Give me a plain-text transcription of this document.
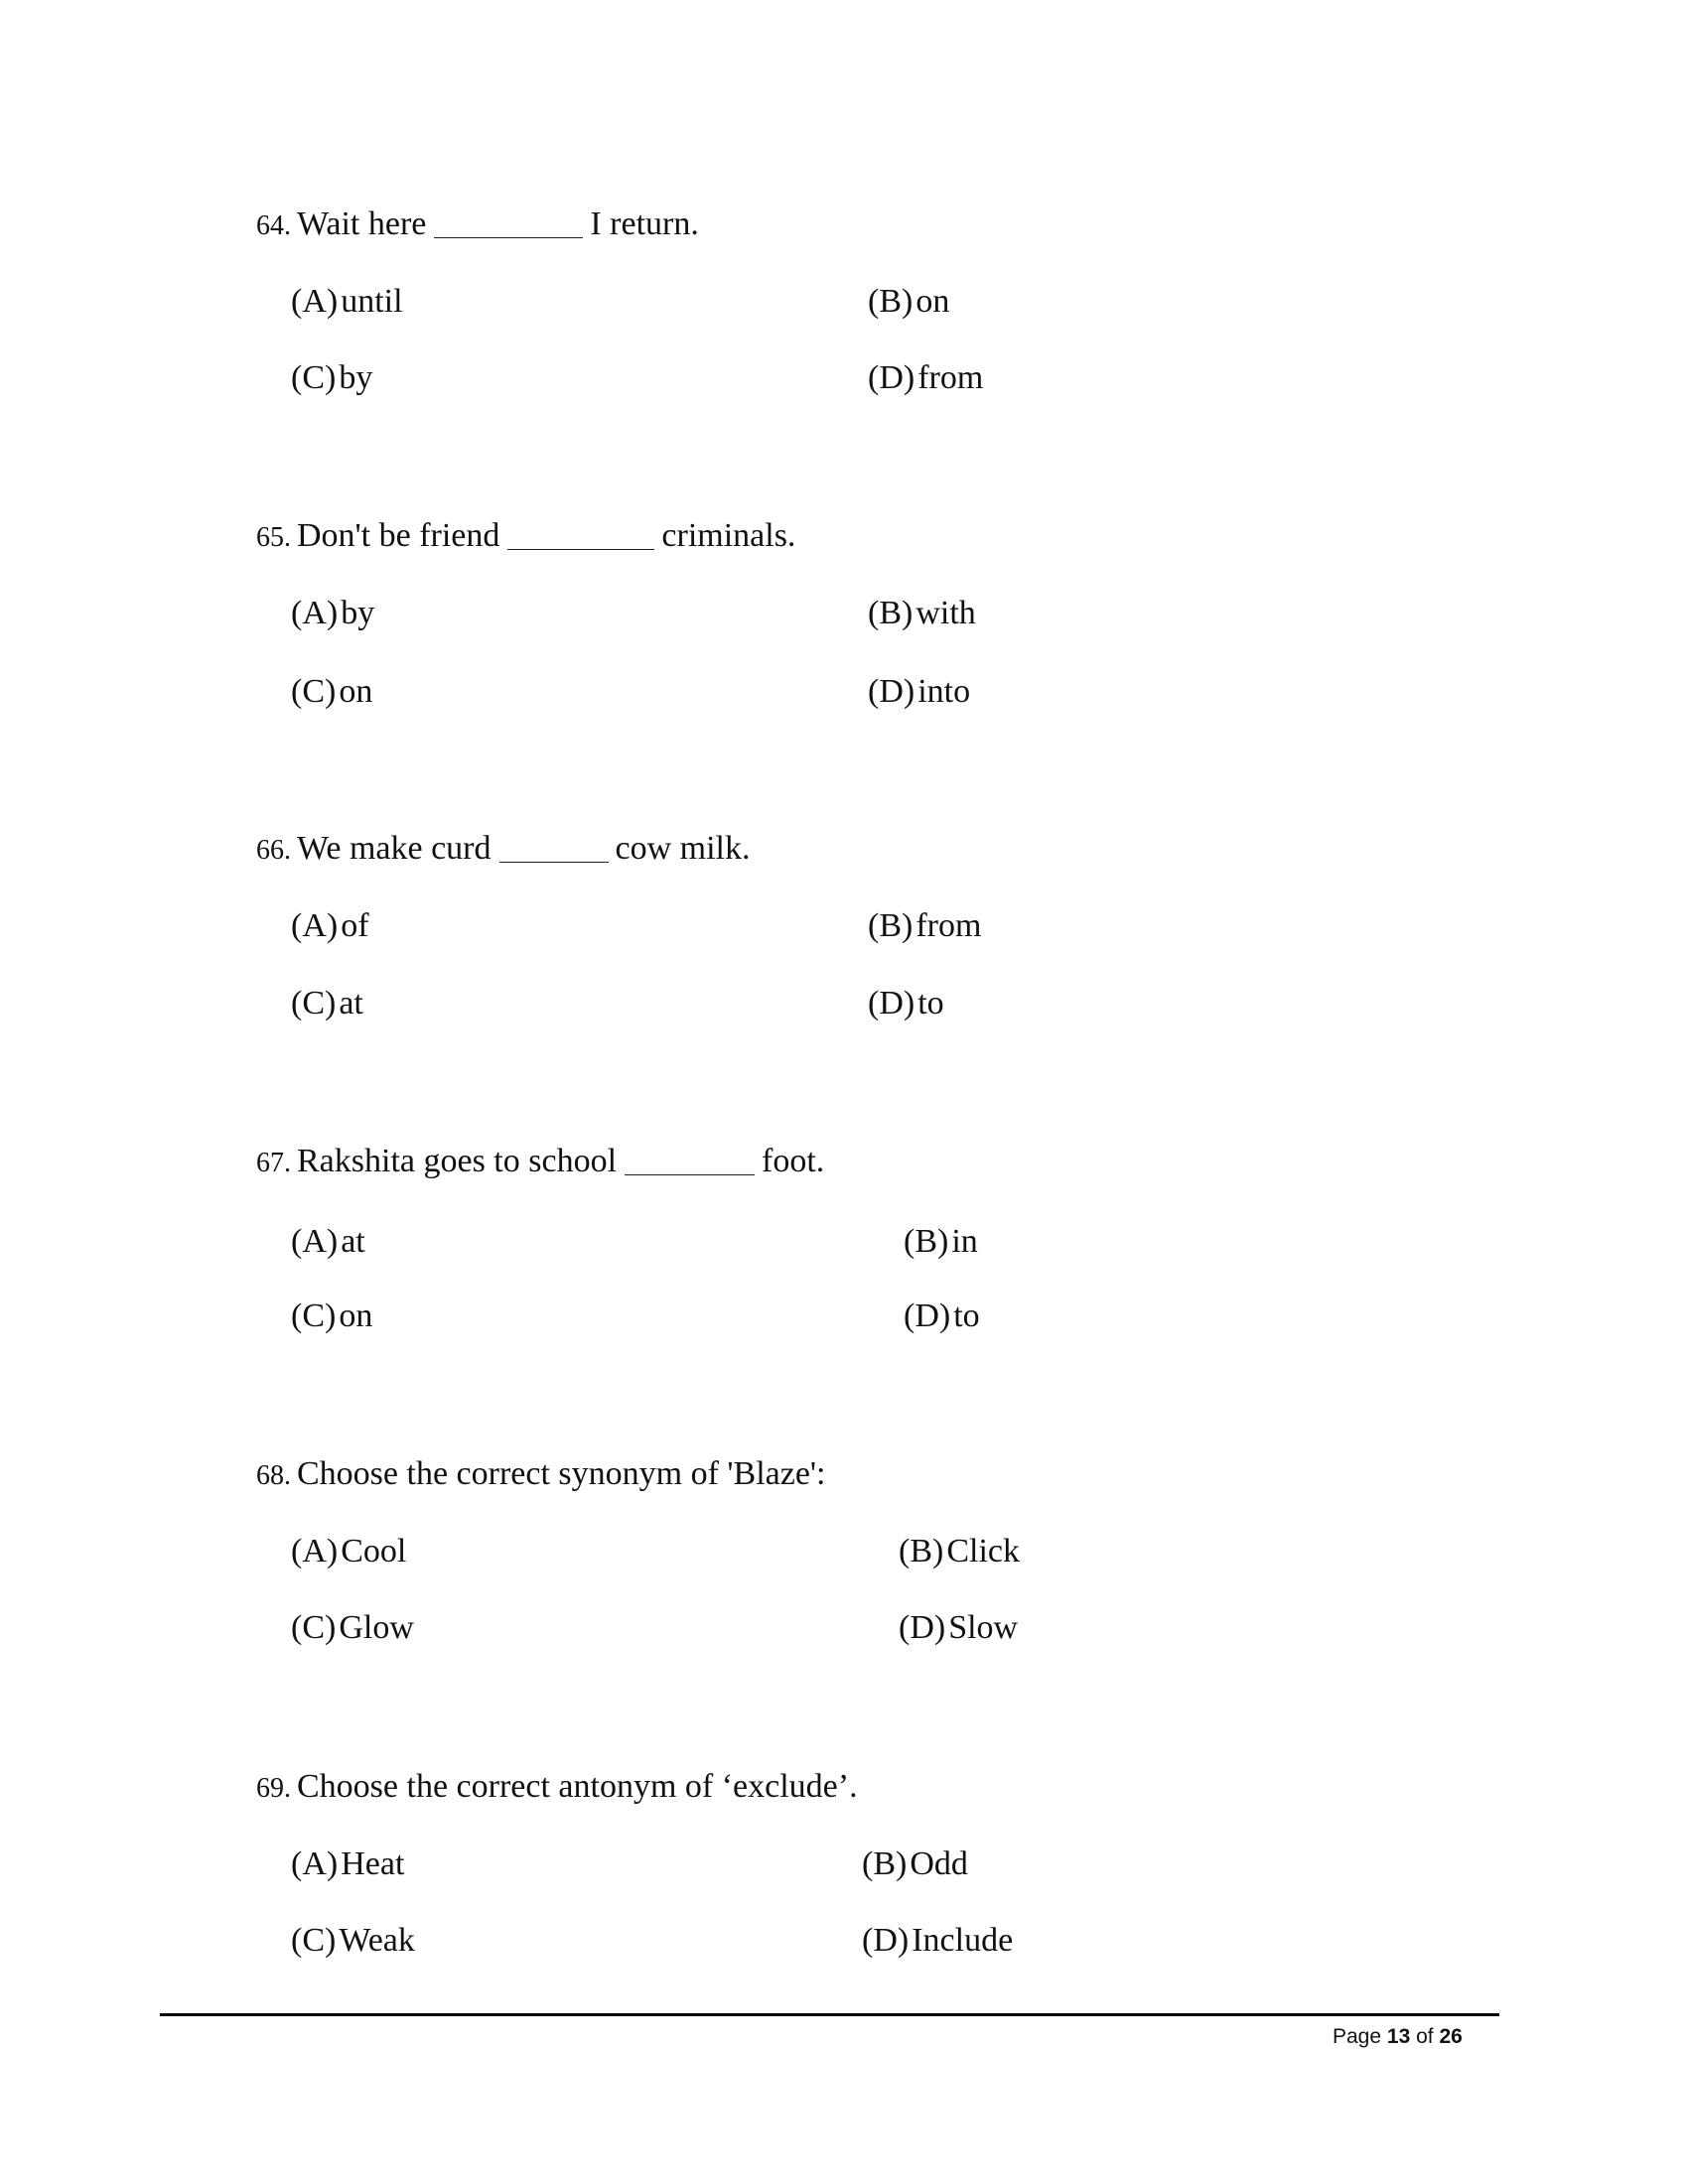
64. Wait here	I return.
(A)until	(B)on
(C)by	(D)from
65. Don't be friend	criminals.
(A)by	(B)with
(C)on	(D)into
66. We make curd	cow milk.
(A)of	(B)from
(C)at	(D)to
67. Rakshita goes to school	foot.
(A)at	(B)in
(C)on	(D)to
68. Choose the correct synonym of 'Blaze':
(A)Cool	(B)Click
(C)Glow	(D)Slow
69. Choose the correct antonym of ‘exclude’.
(A)Heat	(B)Odd
(C)Weak	(D)Include
Page 13 of 26
